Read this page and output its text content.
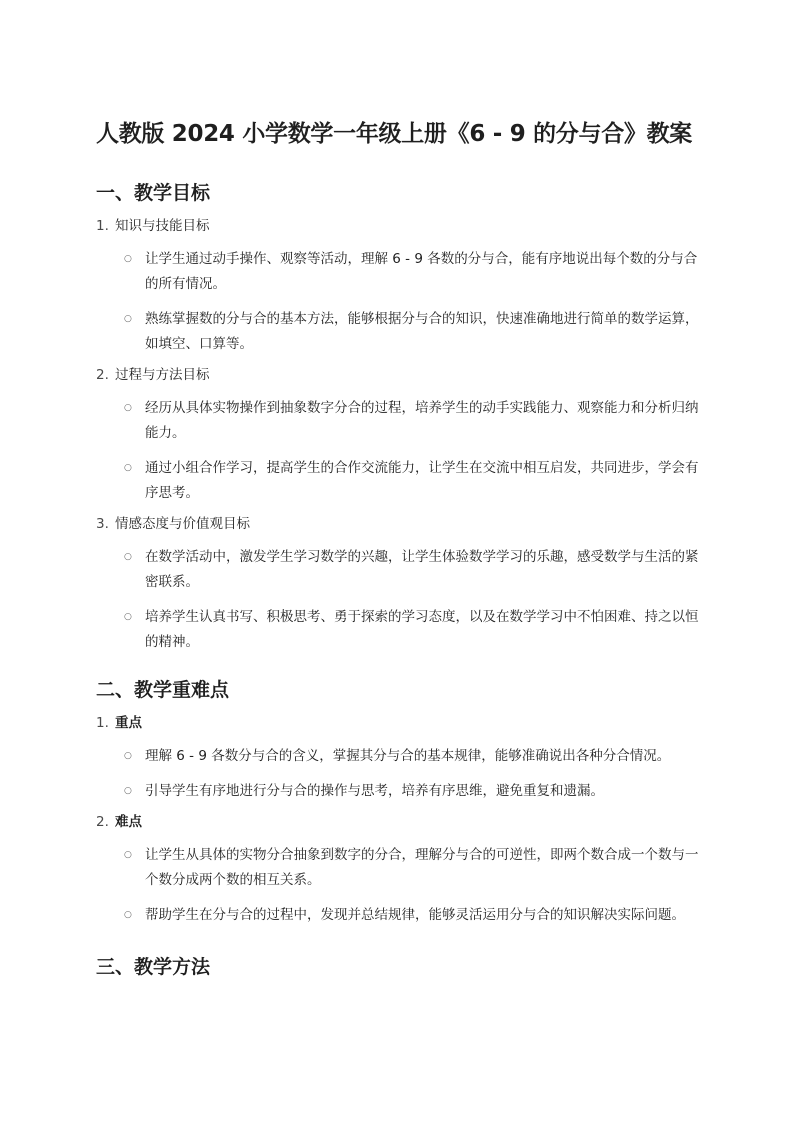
人教版 2024 小学数学一年级上册《6 - 9 的分与合》教案
一、教学目标
1. 知识与技能目标
○ 让学生通过动手操作、观察等活动，理解 6 - 9 各数的分与合，能有序地说出每个数的分与合的所有情况。
○ 熟练掌握数的分与合的基本方法，能够根据分与合的知识，快速准确地进行简单的数学运算，如填空、口算等。
2. 过程与方法目标
○ 经历从具体实物操作到抽象数字分合的过程，培养学生的动手实践能力、观察能力和分析归纳能力。
○ 通过小组合作学习，提高学生的合作交流能力，让学生在交流中相互启发，共同进步，学会有序思考。
3. 情感态度与价值观目标
○ 在数学活动中，激发学生学习数学的兴趣，让学生体验数学学习的乐趣，感受数学与生活的紧密联系。
○ 培养学生认真书写、积极思考、勇于探索的学习态度，以及在数学学习中不怕困难、持之以恒的精神。
二、教学重难点
1. 重点
○ 理解 6 - 9 各数分与合的含义，掌握其分与合的基本规律，能够准确说出各种分合情况。
○ 引导学生有序地进行分与合的操作与思考，培养有序思维，避免重复和遗漏。
2. 难点
○ 让学生从具体的实物分合抽象到数字的分合，理解分与合的可逆性，即两个数合成一个数与一个数分成两个数的相互关系。
○ 帮助学生在分与合的过程中，发现并总结规律，能够灵活运用分与合的知识解决实际问题。
三、教学方法
